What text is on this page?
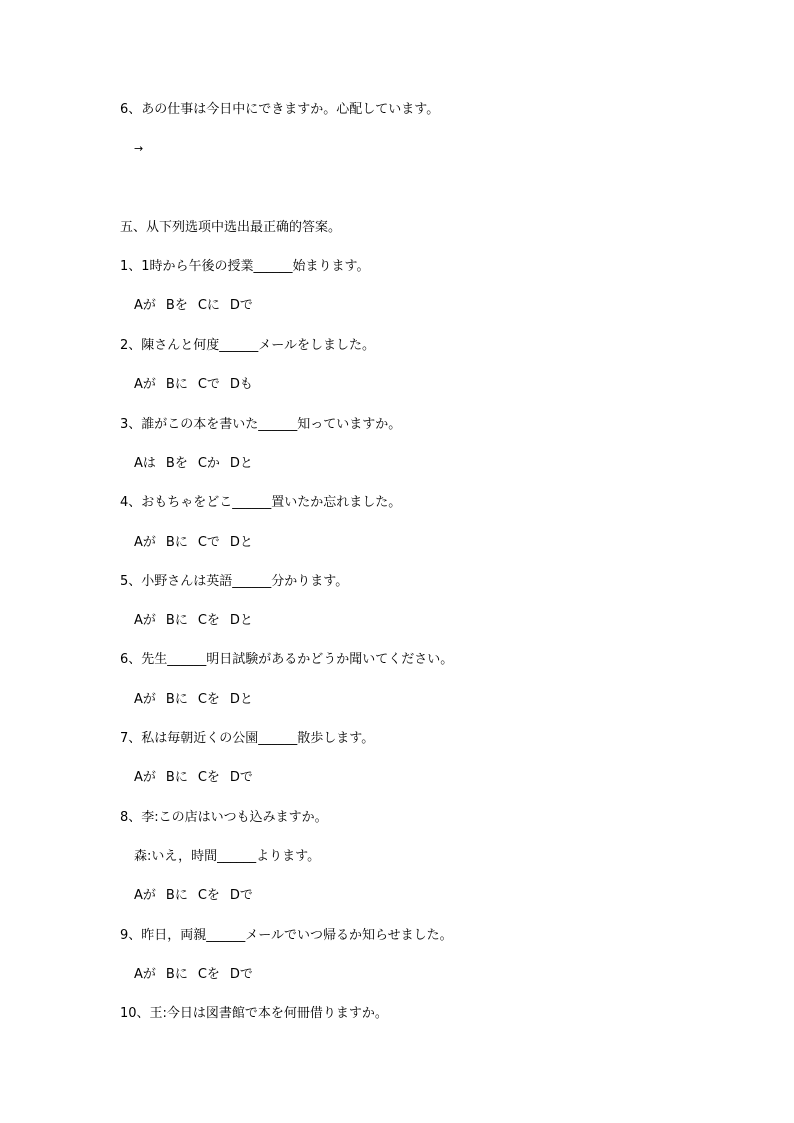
6、あの仕事は今日中にできますか。心配しています。
→
五、从下列选项中选出最正确的答案。
1、1時から午後の授業______始まります。
Aが Bを Cに Dで
2、陳さんと何度______メールをしました。
Aが Bに Cで Dも
3、誰がこの本を書いた______知っていますか。
Aは Bを Cか Dと
4、おもちゃをどこ______置いたか忘れました。
Aが Bに Cで Dと
5、小野さんは英語______分かります。
Aが Bに Cを Dと
6、先生______明日試験があるかどうか聞いてください。
Aが Bに Cを Dと
7、私は毎朝近くの公園______散歩します。
Aが Bに Cを Dで
8、李:この店はいつも込みますか。
森:いえ，時間______よります。
Aが Bに Cを Dで
9、昨日，両親______メールでいつ帰るか知らせました。
Aが Bに Cを Dで
10、王:今日は図書館で本を何冊借りますか。
